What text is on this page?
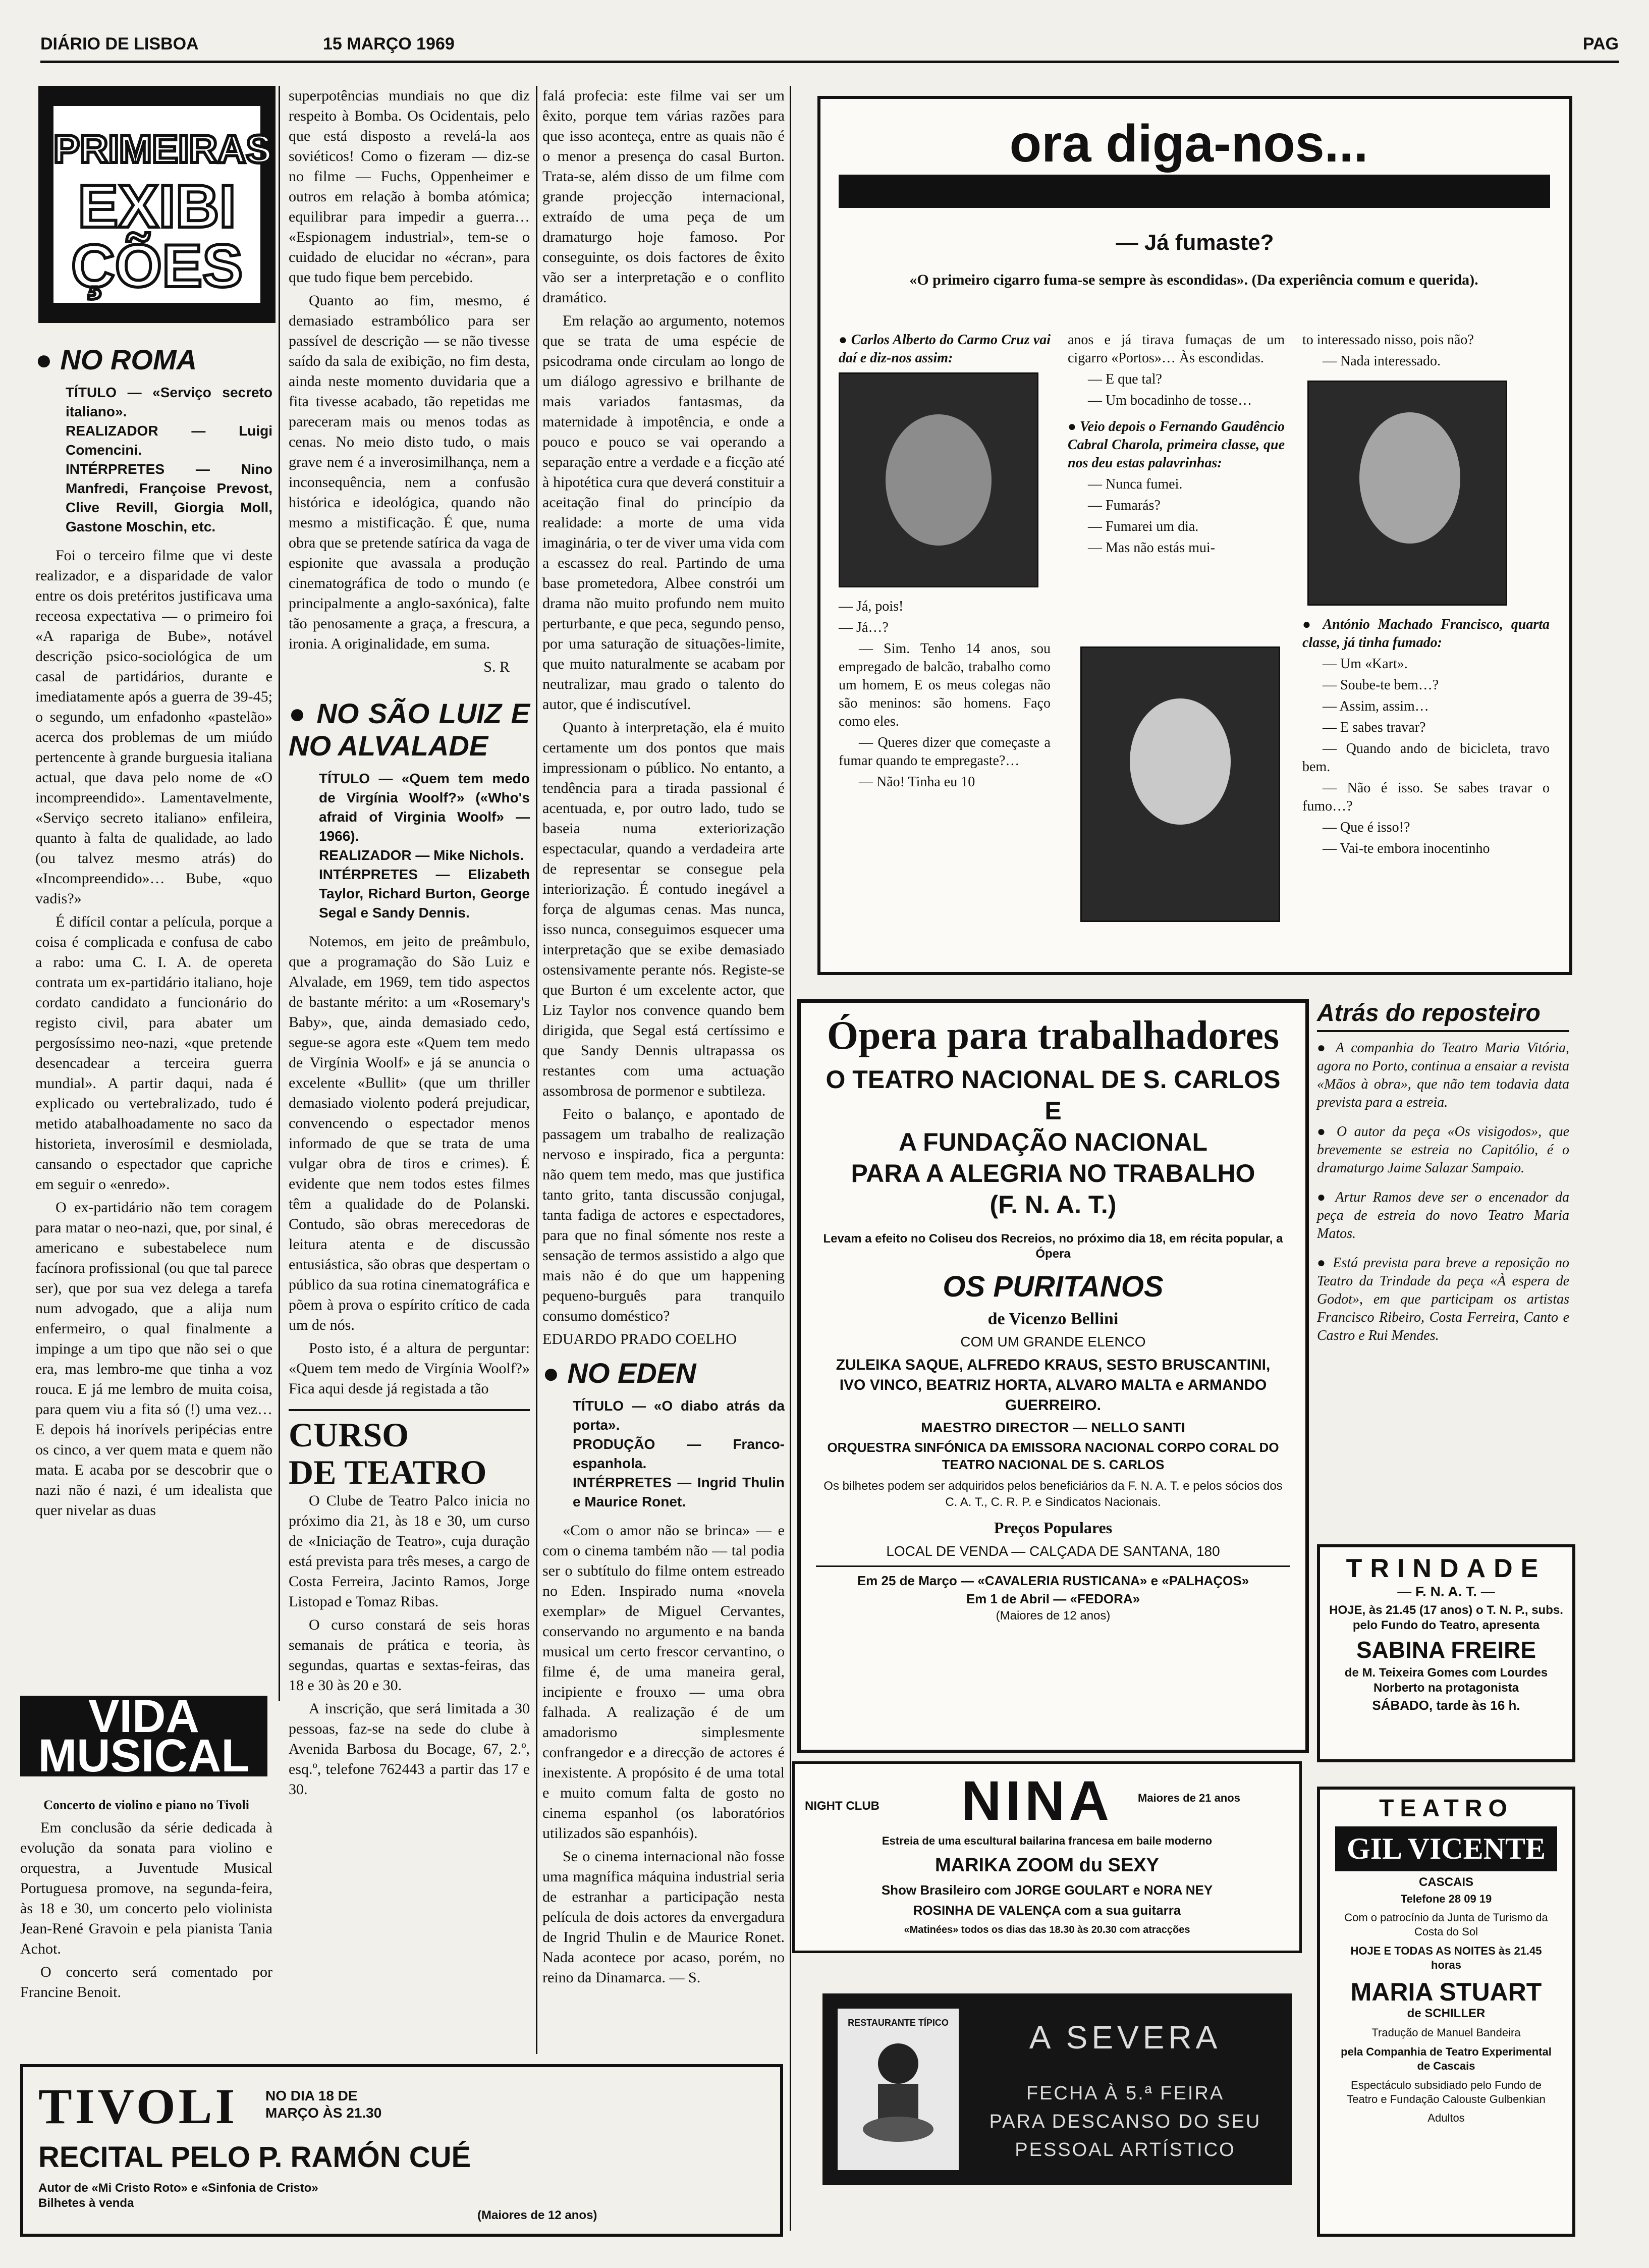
DIÁRIO DE LISBOA	15 MARÇO 1969	PAG
PRIMEIRAS
EXIBI
ÇÕES
● NO ROMA
TÍTULO — «Serviço secreto italiano».
REALIZADOR — Luigi Comencini.
INTÉRPRETES — Nino Manfredi, Françoise Prevost, Clive Revill, Giorgia Moll, Gastone Moschin, etc.

Foi o terceiro filme que vi deste realizador, e a disparidade de valor entre os dois pretéritos justificava uma receosa expectativa — o primeiro foi «A rapariga de Bube», notável descrição psico-sociológica de um casal de partidários, durante e imediatamente após a guerra de 39-45; o segundo, um enfadonho «pastelão» acerca dos problemas de um miúdo pertencente à grande burguesia italiana actual, que dava pelo nome de «O incompreendido». Lamentavelmente, «Serviço secreto italiano» enfileira, quanto à falta de qualidade, ao lado (ou talvez mesmo atrás) do «Incompreendido»… Bube, «quo vadis?»

É difícil contar a película, porque a coisa é complicada e confusa de cabo a rabo: uma C. I. A. de opereta contrata um ex-partidário italiano, hoje cordato candidato a funcionário do registo civil, para abater um pergosíssimo neo-nazi, «que pretende desencadear a terceira guerra mundial». A partir daqui, nada é explicado ou vertebralizado, tudo é metido atabalhoadamente no saco da historieta, inverosímil e desmiolada, cansando o espectador que capriche em seguir o «enredo».

O ex-partidário não tem coragem para matar o neo-nazi, que, por sinal, é americano e subestabelece num facínora profissional (ou que tal parece ser), que por sua vez delega a tarefa num advogado, que a alija num enfermeiro, o qual finalmente a impinge a um tipo que não sei o que era, mas lembro-me que tinha a voz rouca. E já me lembro de muita coisa, para quem viu a fita só (!) uma vez… E depois há inorívels peripécias entre os cinco, a ver quem mata e quem não mata. E acaba por se descobrir que o nazi não é nazi, é um idealista que quer nivelar as duas

VIDA MUSICAL
Concerto de violino e piano no Tivoli

Em conclusão da série dedicada à evolução da sonata para violino e orquestra, a Juventude Musical Portuguesa promove, na segunda-feira, às 18 e 30, um concerto pelo violinista Jean-René Gravoin e pela pianista Tania Achot.

O concerto será comentado por Francine Benoit.

TIVOLI NO DIA 18 DE MARÇO ÀS 21.30
RECITAL PELO P. RAMÓN CUÉ
Autor de «Mi Cristo Roto» e «Sinfonia de Cristo»
Bilhetes à venda
(Maiores de 12 anos)

superpotências mundiais no que diz respeito à Bomba. Os Ocidentais, pelo que está disposto a revelá-la aos soviéticos! Como o fizeram — diz-se no filme — Fuchs, Oppenheimer e outros em relação à bomba atómica; equilibrar para impedir a guerra… «Espionagem industrial», tem-se o cuidado de elucidar no «écran», para que tudo fique bem percebido.

Quanto ao fim, mesmo, é demasiado estrambólico para ser passível de descrição — se não tivesse saído da sala de exibição, no fim desta, ainda neste momento duvidaria que a fita tivesse acabado, tão repetidas me pareceram mais ou menos todas as cenas. No meio disto tudo, o mais grave nem é a inverosimilhança, nem a inconsequência, nem a confusão histórica e ideológica, quando não mesmo a mistificação. É que, numa obra que se pretende satírica da vaga de espionite que avassala a produção cinematográfica de todo o mundo (e principalmente a anglo-saxónica), falte tão penosamente a graça, a frescura, a ironia. A originalidade, em suma.

S. R
● NO SÃO LUIZ E NO ALVALADE
TÍTULO — «Quem tem medo de Virgínia Woolf?» («Who's afraid of Virginia Woolf» — 1966).
REALIZADOR — Mike Nichols.
INTÉRPRETES — Elizabeth Taylor, Richard Burton, George Segal e Sandy Dennis.

Notemos, em jeito de preâmbulo, que a programação do São Luiz e Alvalade, em 1969, tem tido aspectos de bastante mérito: a um «Rosemary's Baby», que, ainda demasiado cedo, segue-se agora este «Quem tem medo de Virgínia Woolf» e já se anuncia o excelente «Bullit» (que um thriller demasiado violento poderá prejudicar, convencendo o espectador menos informado de que se trata de uma vulgar obra de tiros e crimes). É evidente que nem todos estes filmes têm a qualidade do de Polanski. Contudo, são obras merecedoras de leitura atenta e de discussão entusiástica, são obras que despertam o público da sua rotina cinematográfica e põem à prova o espírito crítico de cada um de nós.

Posto isto, é a altura de perguntar: «Quem tem medo de Virgínia Woolf?» Fica aqui desde já registada a tão

CURSO
DE TEATRO

O Clube de Teatro Palco inicia no próximo dia 21, às 18 e 30, um curso de «Iniciação de Teatro», cuja duração está prevista para três meses, a cargo de Costa Ferreira, Jacinto Ramos, Jorge Listopad e Tomaz Ribas.

O curso constará de seis horas semanais de prática e teoria, às segundas, quartas e sextas-feiras, das 18 e 30 às 20 e 30.

A inscrição, que será limitada a 30 pessoas, faz-se na sede do clube à Avenida Barbosa du Bocage, 67, 2.º, esq.º, telefone 762443 a partir das 17 e 30.

falá profecia: este filme vai ser um êxito, porque tem várias razões para que isso aconteça, entre as quais não é o menor a presença do casal Burton. Trata-se, além disso de um filme com grande projecção internacional, extraído de uma peça de um dramaturgo hoje famoso. Por conseguinte, os dois factores de êxito vão ser a interpretação e o conflito dramático.

Em relação ao argumento, notemos que se trata de uma espécie de psicodrama onde circulam ao longo de um diálogo agressivo e brilhante de mais variados fantasmas, da maternidade à impotência, e onde a pouco e pouco se vai operando a separação entre a verdade e a ficção até à hipotética cura que deverá constituir a aceitação final do princípio da realidade: a morte de uma vida imaginária, o ter de viver uma vida com a escassez do real. Partindo de uma base prometedora, Albee constrói um drama não muito profundo nem muito perturbante, e que peca, segundo penso, por uma saturação de situações-limite, que muito naturalmente se acabam por neutralizar, mau grado o talento do autor, que é indiscutível.

Quanto à interpretação, ela é muito certamente um dos pontos que mais impressionam o público. No entanto, a tendência para a tirada passional é acentuada, e, por outro lado, tudo se baseia numa exteriorização espectacular, quando a verdadeira arte de representar se consegue pela interiorização. É contudo inegável a força de algumas cenas. Mas nunca, isso nunca, conseguimos esquecer uma interpretação que se exibe demasiado ostensivamente perante nós. Registe-se que Burton é um excelente actor, que Liz Taylor nos convence quando bem dirigida, que Segal está certíssimo e que Sandy Dennis ultrapassa os restantes com uma actuação assombrosa de pormenor e subtileza.

Feito o balanço, e apontado de passagem um trabalho de realização nervoso e inspirado, fica a pergunta: não quem tem medo, mas que justifica tanto grito, tanta discussão conjugal, tanta fadiga de actores e espectadores, para que no final sómente nos reste a sensação de termos assistido a algo que mais não é do que um happening pequeno-burguês para tranquilo consumo doméstico?

EDUARDO PRADO COELHO
● NO EDEN
TÍTULO — «O diabo atrás da porta».
PRODUÇÃO — Franco-espanhola.
INTÉRPRETES — Ingrid Thulin e Maurice Ronet.

«Com o amor não se brinca» — e com o cinema também não — tal podia ser o subtítulo do filme ontem estreado no Eden. Inspirado numa «novela exemplar» de Miguel Cervantes, conservando no argumento e na banda musical um certo frescor cervantino, o filme é, de uma maneira geral, incipiente e frouxo — uma obra falhada. A realização é de um amadorismo simplesmente confrangedor e a direcção de actores é inexistente. A propósito é de uma total e muito comum falta de gosto no cinema espanhol (os laboratórios utilizados são espanhóis).

Se o cinema internacional não fosse uma magnífica máquina industrial seria de estranhar a participação nesta película de dois actores da envergadura de Ingrid Thulin e de Maurice Ronet. Nada acontece por acaso, porém, no reino da Dinamarca. — S.

ora diga-nos...
— Já fumaste?
«O primeiro cigarro fuma-se sempre às escondidas». (Da experiência comum e querida).

● Carlos Alberto do Carmo Cruz vai daí e diz-nos assim:

— Já, pois!

— Já…?

— Sim. Tenho 14 anos, sou empregado de balcão, trabalho como um homem, E os meus colegas não são meninos: são homens. Faço como eles.

— Queres dizer que começaste a fumar quando te empregaste?…

— Não! Tinha eu 10

anos e já tirava fumaças de um cigarro «Portos»… Às escondidas.

— E que tal?

— Um bocadinho de tosse…

● Veio depois o Fernando Gaudêncio Cabral Charola, primeira classe, que nos deu estas palavrinhas:

— Nunca fumei.

— Fumarás?

— Fumarei um dia.

— Mas não estás mui-

to interessado nisso, pois não?

— Nada interessado.

● António Machado Francisco, quarta classe, já tinha fumado:

— Um «Kart».

— Soube-te bem…?

— Assim, assim…

— E sabes travar?

— Quando ando de bicicleta, travo bem.

— Não é isso. Se sabes travar o fumo…?

— Que é isso!?

— Vai-te embora inocentinho

Ópera para trabalhadores
O TEATRO NACIONAL DE S. CARLOS
E
A FUNDAÇÃO NACIONAL
PARA A ALEGRIA NO TRABALHO
(F. N. A. T.)
Levam a efeito no Coliseu dos Recreios, no próximo dia 18, em récita popular, a Ópera
OS PURITANOS
de Vicenzo Bellini
COM UM GRANDE ELENCO
ZULEIKA SAQUE, ALFREDO KRAUS, SESTO BRUSCANTINI, IVO VINCO, BEATRIZ HORTA, ALVARO MALTA e ARMANDO GUERREIRO.
MAESTRO DIRECTOR — NELLO SANTI
ORQUESTRA SINFÓNICA DA EMISSORA NACIONAL CORPO CORAL DO TEATRO NACIONAL DE S. CARLOS
Os bilhetes podem ser adquiridos pelos beneficiários da F. N. A. T. e pelos sócios dos C. A. T., C. R. P. e Sindicatos Nacionais.
Preços Populares
LOCAL DE VENDA — CALÇADA DE SANTANA, 180
Em 25 de Março — «CAVALERIA RUSTICANA» e «PALHAÇOS»
Em 1 de Abril — «FEDORA»
(Maiores de 12 anos)
NIGHT CLUB NINA Maiores de 21 anos
Estreia de uma escultural bailarina francesa em baile moderno
MARIKA ZOOM du SEXY
Show Brasileiro com JORGE GOULART e NORA NEY
ROSINHA DE VALENÇA com a sua guitarra
«Matinées» todos os dias das 18.30 às 20.30 com atracções
RESTAURANTE TÍPICO	A SEVERA
FECHA À 5.ª FEIRA
PARA DESCANSO DO SEU
PESSOAL ARTÍSTICO
Atrás do reposteiro

● A companhia do Teatro Maria Vitória, agora no Porto, continua a ensaiar a revista «Mãos à obra», que não tem todavia data prevista para a estreia.

● O autor da peça «Os visigodos», que brevemente se estreia no Capitólio, é o dramaturgo Jaime Salazar Sampaio.

● Artur Ramos deve ser o encenador da peça de estreia do novo Teatro Maria Matos.

● Está prevista para breve a reposição no Teatro da Trindade da peça «À espera de Godot», em que participam os artistas Francisco Ribeiro, Costa Ferreira, Canto e Castro e Rui Mendes.

TRINDADE
— F. N. A. T. —
HOJE, às 21.45 (17 anos) o T. N. P., subs. pelo Fundo do Teatro, apresenta
SABINA FREIRE
de M. Teixeira Gomes com Lourdes Norberto na protagonista
SÁBADO, tarde às 16 h.
TEATRO
GIL VICENTE
CASCAIS
Telefone 28 09 19
Com o patrocínio da Junta de Turismo da Costa do Sol
HOJE E TODAS AS NOITES às 21.45 horas
MARIA STUART
de SCHILLER
Tradução de Manuel Bandeira
pela Companhia de Teatro Experimental de Cascais
Espectáculo subsidiado pelo Fundo de Teatro e Fundação Calouste Gulbenkian
Adultos
